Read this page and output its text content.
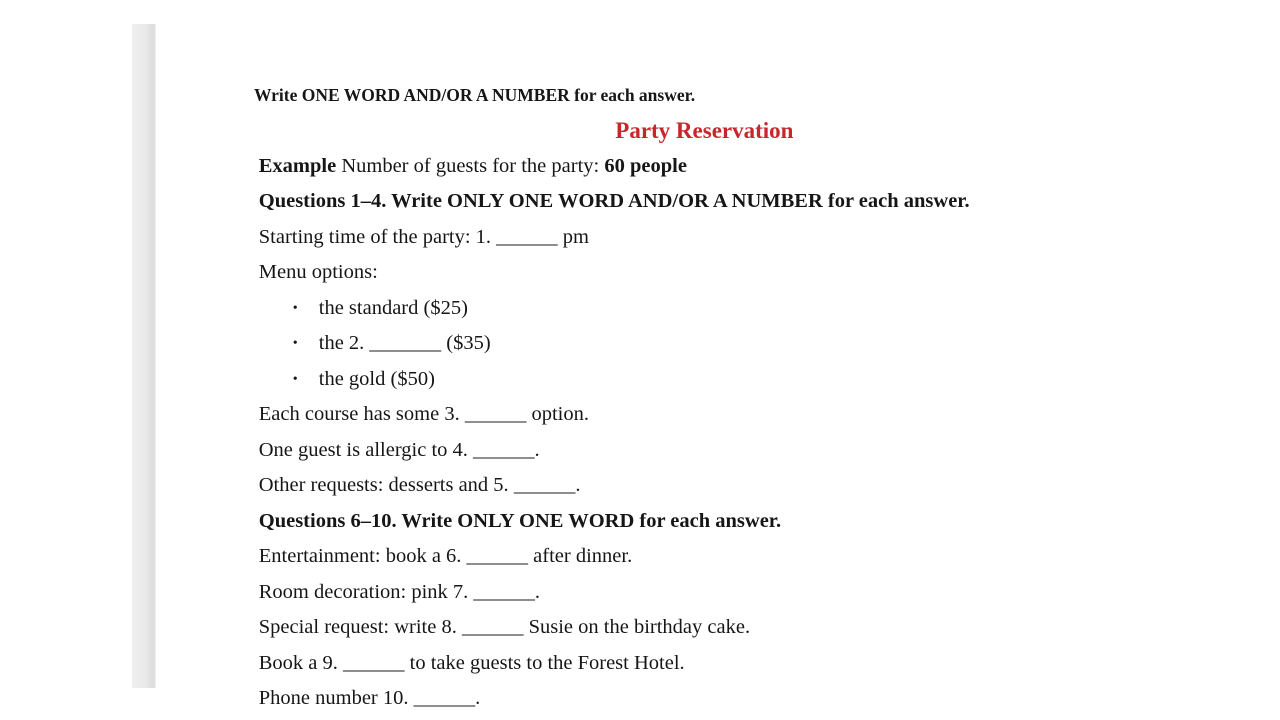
Write ONE WORD AND/OR A NUMBER for each answer.

Party Reservation

Example Number of guests for the party: 60 people

Questions 1–4. Write ONLY ONE WORD AND/OR A NUMBER for each answer.

Starting time of the party: 1. ______ pm

Menu options:

• the standard ($25)

• the 2. _______ ($35)

• the gold ($50)

Each course has some 3. ______ option.

One guest is allergic to 4. ______.

Other requests: desserts and 5. ______.

Questions 6–10. Write ONLY ONE WORD for each answer.

Entertainment: book a 6. ______ after dinner.

Room decoration: pink 7. ______.

Special request: write 8. ______ Susie on the birthday cake.

Book a 9. ______ to take guests to the Forest Hotel.

Phone number 10. ______.
